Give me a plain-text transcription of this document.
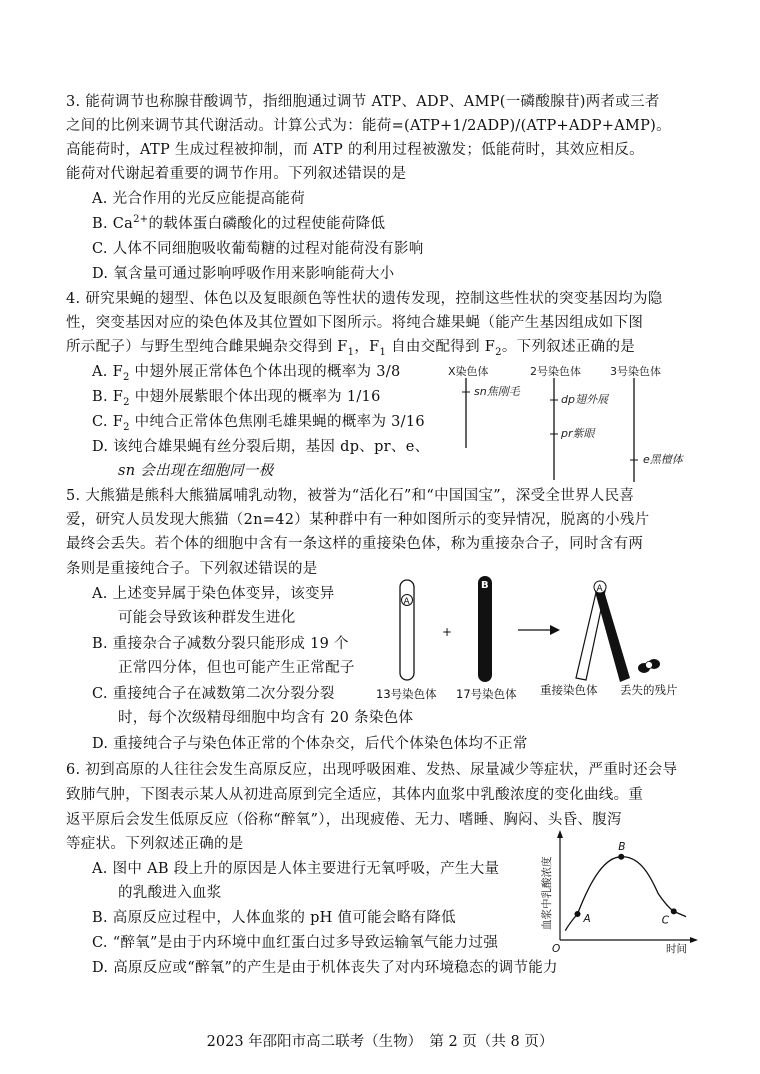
3. 能荷调节也称腺苷酸调节，指细胞通过调节 ATP、ADP、AMP(一磷酸腺苷)两者或三者
之间的比例来调节其代谢活动。计算公式为：能荷=(ATP+1/2ADP)/(ATP+ADP+AMP)。
高能荷时，ATP 生成过程被抑制，而 ATP 的利用过程被激发；低能荷时，其效应相反。
能荷对代谢起着重要的调节作用。下列叙述错误的是
A. 光合作用的光反应能提高能荷
B. $Ca^{2+}$的载体蛋白磷酸化的过程使能荷降低
C. 人体不同细胞吸收葡萄糖的过程对能荷没有影响
D. 氧含量可通过影响呼吸作用来影响能荷大小
4. 研究果蝇的翅型、体色以及复眼颜色等性状的遗传发现，控制这些性状的突变基因均为隐
性，突变基因对应的染色体及其位置如下图所示。将纯合雄果蝇（能产生基因组成如下图
所示配子）与野生型纯合雌果蝇杂交得到 $F_1$，$F_1$ 自由交配得到 $F_2$。下列叙述正确的是
A. $F_2$ 中翅外展正常体色个体出现的概率为 3/8
B. $F_2$ 中翅外展紫眼个体出现的概率为 1/16
C. $F_2$ 中纯合正常体色焦刚毛雄果蝇的概率为 3/16
D. 该纯合雄果蝇有丝分裂后期，基因 dp、pr、e、
sn 会出现在细胞同一极
X染色体	2号染色体	3号染色体
sn焦刚毛
dp翅外展
pr紫眼
e黑檀体
5. 大熊猫是熊科大熊猫属哺乳动物，被誉为“活化石”和“中国国宝”，深受全世界人民喜
爱，研究人员发现大熊猫（2n=42）某种群中有一种如图所示的变异情况，脱离的小残片
最终会丢失。若个体的细胞中含有一条这样的重接染色体，称为重接杂合子，同时含有两
条则是重接纯合子。下列叙述错误的是
A. 上述变异属于染色体变异，该变异
可能会导致该种群发生进化
B. 重接杂合子减数分裂只能形成 19 个
正常四分体，但也可能产生正常配子
C. 重接纯合子在减数第二次分裂分裂
时，每个次级精母细胞中均含有 20 条染色体
D. 重接纯合子与染色体正常的个体杂交，后代个体染色体均不正常
A
+
B	A
13号染色体 17号染色体 重接染色体 丢失的残片
6. 初到高原的人往往会发生高原反应，出现呼吸困难、发热、尿量减少等症状，严重时还会导
致肺气肿，下图表示某人从初进高原到完全适应，其体内血浆中乳酸浓度的变化曲线。重
返平原后会发生低原反应（俗称“醉氧”），出现疲倦、无力、嗜睡、胸闷、头昏、腹泻
等症状。下列叙述正确的是
A. 图中 AB 段上升的原因是人体主要进行无氧呼吸，产生大量
的乳酸进入血浆
B. 高原反应过程中，人体血浆的 pH 值可能会略有降低
C. “醉氧”是由于内环境中血红蛋白过多导致运输氧气能力过强
D. 高原反应或“醉氧”的产生是由于机体丧失了对内环境稳态的调节能力
血浆中乳酸浓度
时间
O
A
B
C
2023 年邵阳市高二联考（生物）　第 2 页（共 8 页）
